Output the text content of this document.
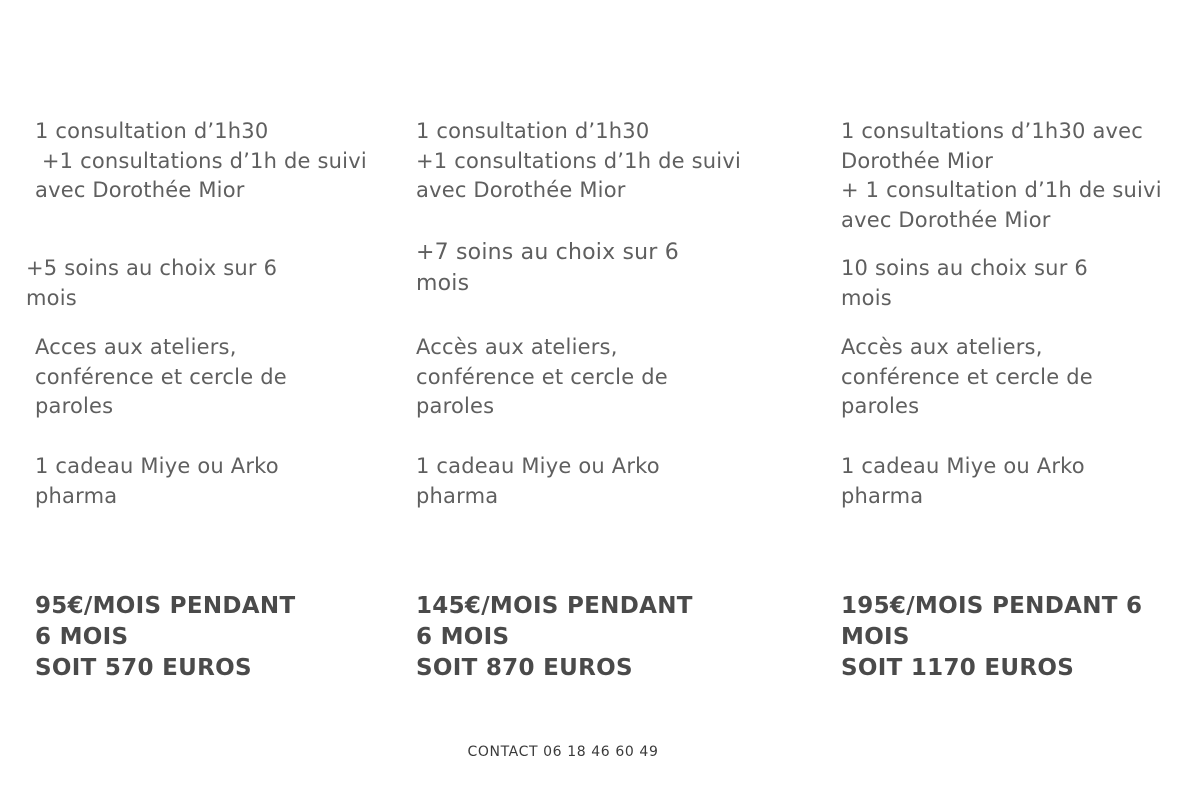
1 consultation d’1h30
+1 consultations d’1h de suivi
avec Dorothée Mior

+5 soins au choix sur 6
mois

Acces aux ateliers,
conférence et cercle de
paroles

1 cadeau Miye ou Arko
pharma

95€/MOIS PENDANT
6 MOIS
SOIT 570 EUROS

1 consultation d’1h30
+1 consultations d’1h de suivi
avec Dorothée Mior

+7 soins au choix sur 6
mois

Accès aux ateliers,
conférence et cercle de
paroles

1 cadeau Miye ou Arko
pharma

145€/MOIS PENDANT
6 MOIS
SOIT 870 EUROS

1 consultations d’1h30 avec
Dorothée Mior
+ 1 consultation d’1h de suivi
avec Dorothée Mior

10 soins au choix sur 6
mois

Accès aux ateliers,
conférence et cercle de
paroles

1 cadeau Miye ou Arko
pharma

195€/MOIS PENDANT 6
MOIS
SOIT 1170 EUROS

CONTACT 06 18 46 60 49
